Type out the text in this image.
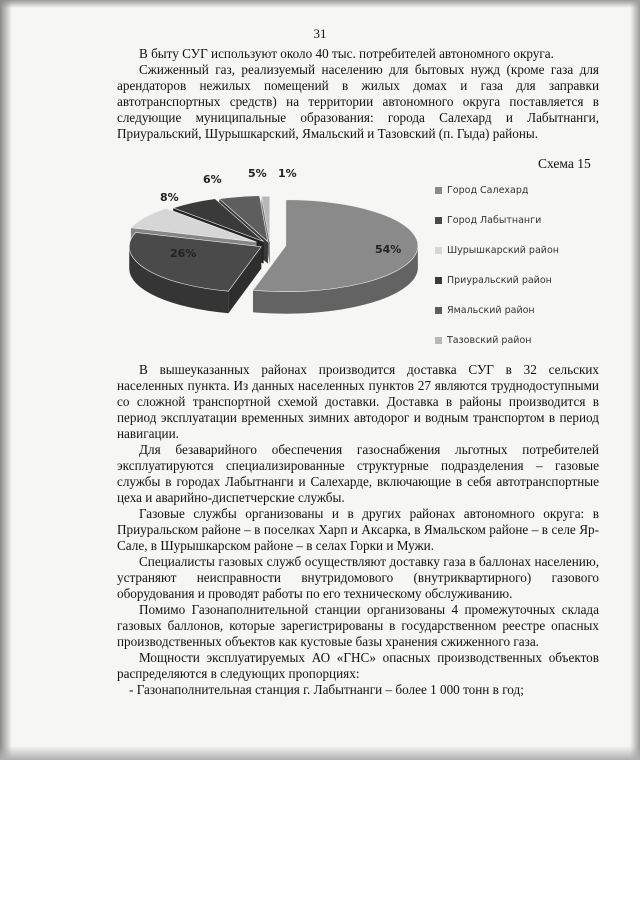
31

В быту СУГ используют около 40 тыс. потребителей автономного округа.

Сжиженный газ, реализуемый населению для бытовых нужд (кроме газа для арендаторов нежилых помещений в жилых домах и газа для заправки автотранспортных средств) на территории автономного округа поставляется в следующие муниципальные образования: города Салехард и Лабытнанги, Приуральский, Шурышкарский, Ямальский и Тазовский (п. Гыда) районы.

Схема 15
54%
26%
8%
6% 5% 1%
Город Салехард
Город Лабытнанги
Шурышкарский район
Приуральский район
Ямальский район
Тазовский район

В вышеуказанных районах производится доставка СУГ в 32 сельских населенных пункта. Из данных населенных пунктов 27 являются труднодоступными со сложной транспортной схемой доставки. Доставка в районы производится в период эксплуатации временных зимних автодорог и водным транспортом в период навигации.

Для безаварийного обеспечения газоснабжения льготных потребителей эксплуатируются специализированные структурные подразделения – газовые службы в городах Лабытнанги и Салехарде, включающие в себя автотранспортные цеха и аварийно-диспетчерские службы.

Газовые службы организованы и в других районах автономного округа: в Приуральском районе – в поселках Харп и Аксарка, в Ямальском районе – в селе Яр-Сале, в Шурышкарском районе – в селах Горки и Мужи.

Специалисты газовых служб осуществляют доставку газа в баллонах населению, устраняют неисправности внутридомового (внутриквартирного) газового оборудования и проводят работы по его техническому обслуживанию.

Помимо Газонаполнительной станции организованы 4 промежуточных склада газовых баллонов, которые зарегистрированы в государственном реестре опасных производственных объектов как кустовые базы хранения сжиженного газа.

Мощности эксплуатируемых АО «ГНС» опасных производственных объектов распределяются в следующих пропорциях:

- Газонаполнительная станция г. Лабытнанги – более 1 000 тонн в год;
